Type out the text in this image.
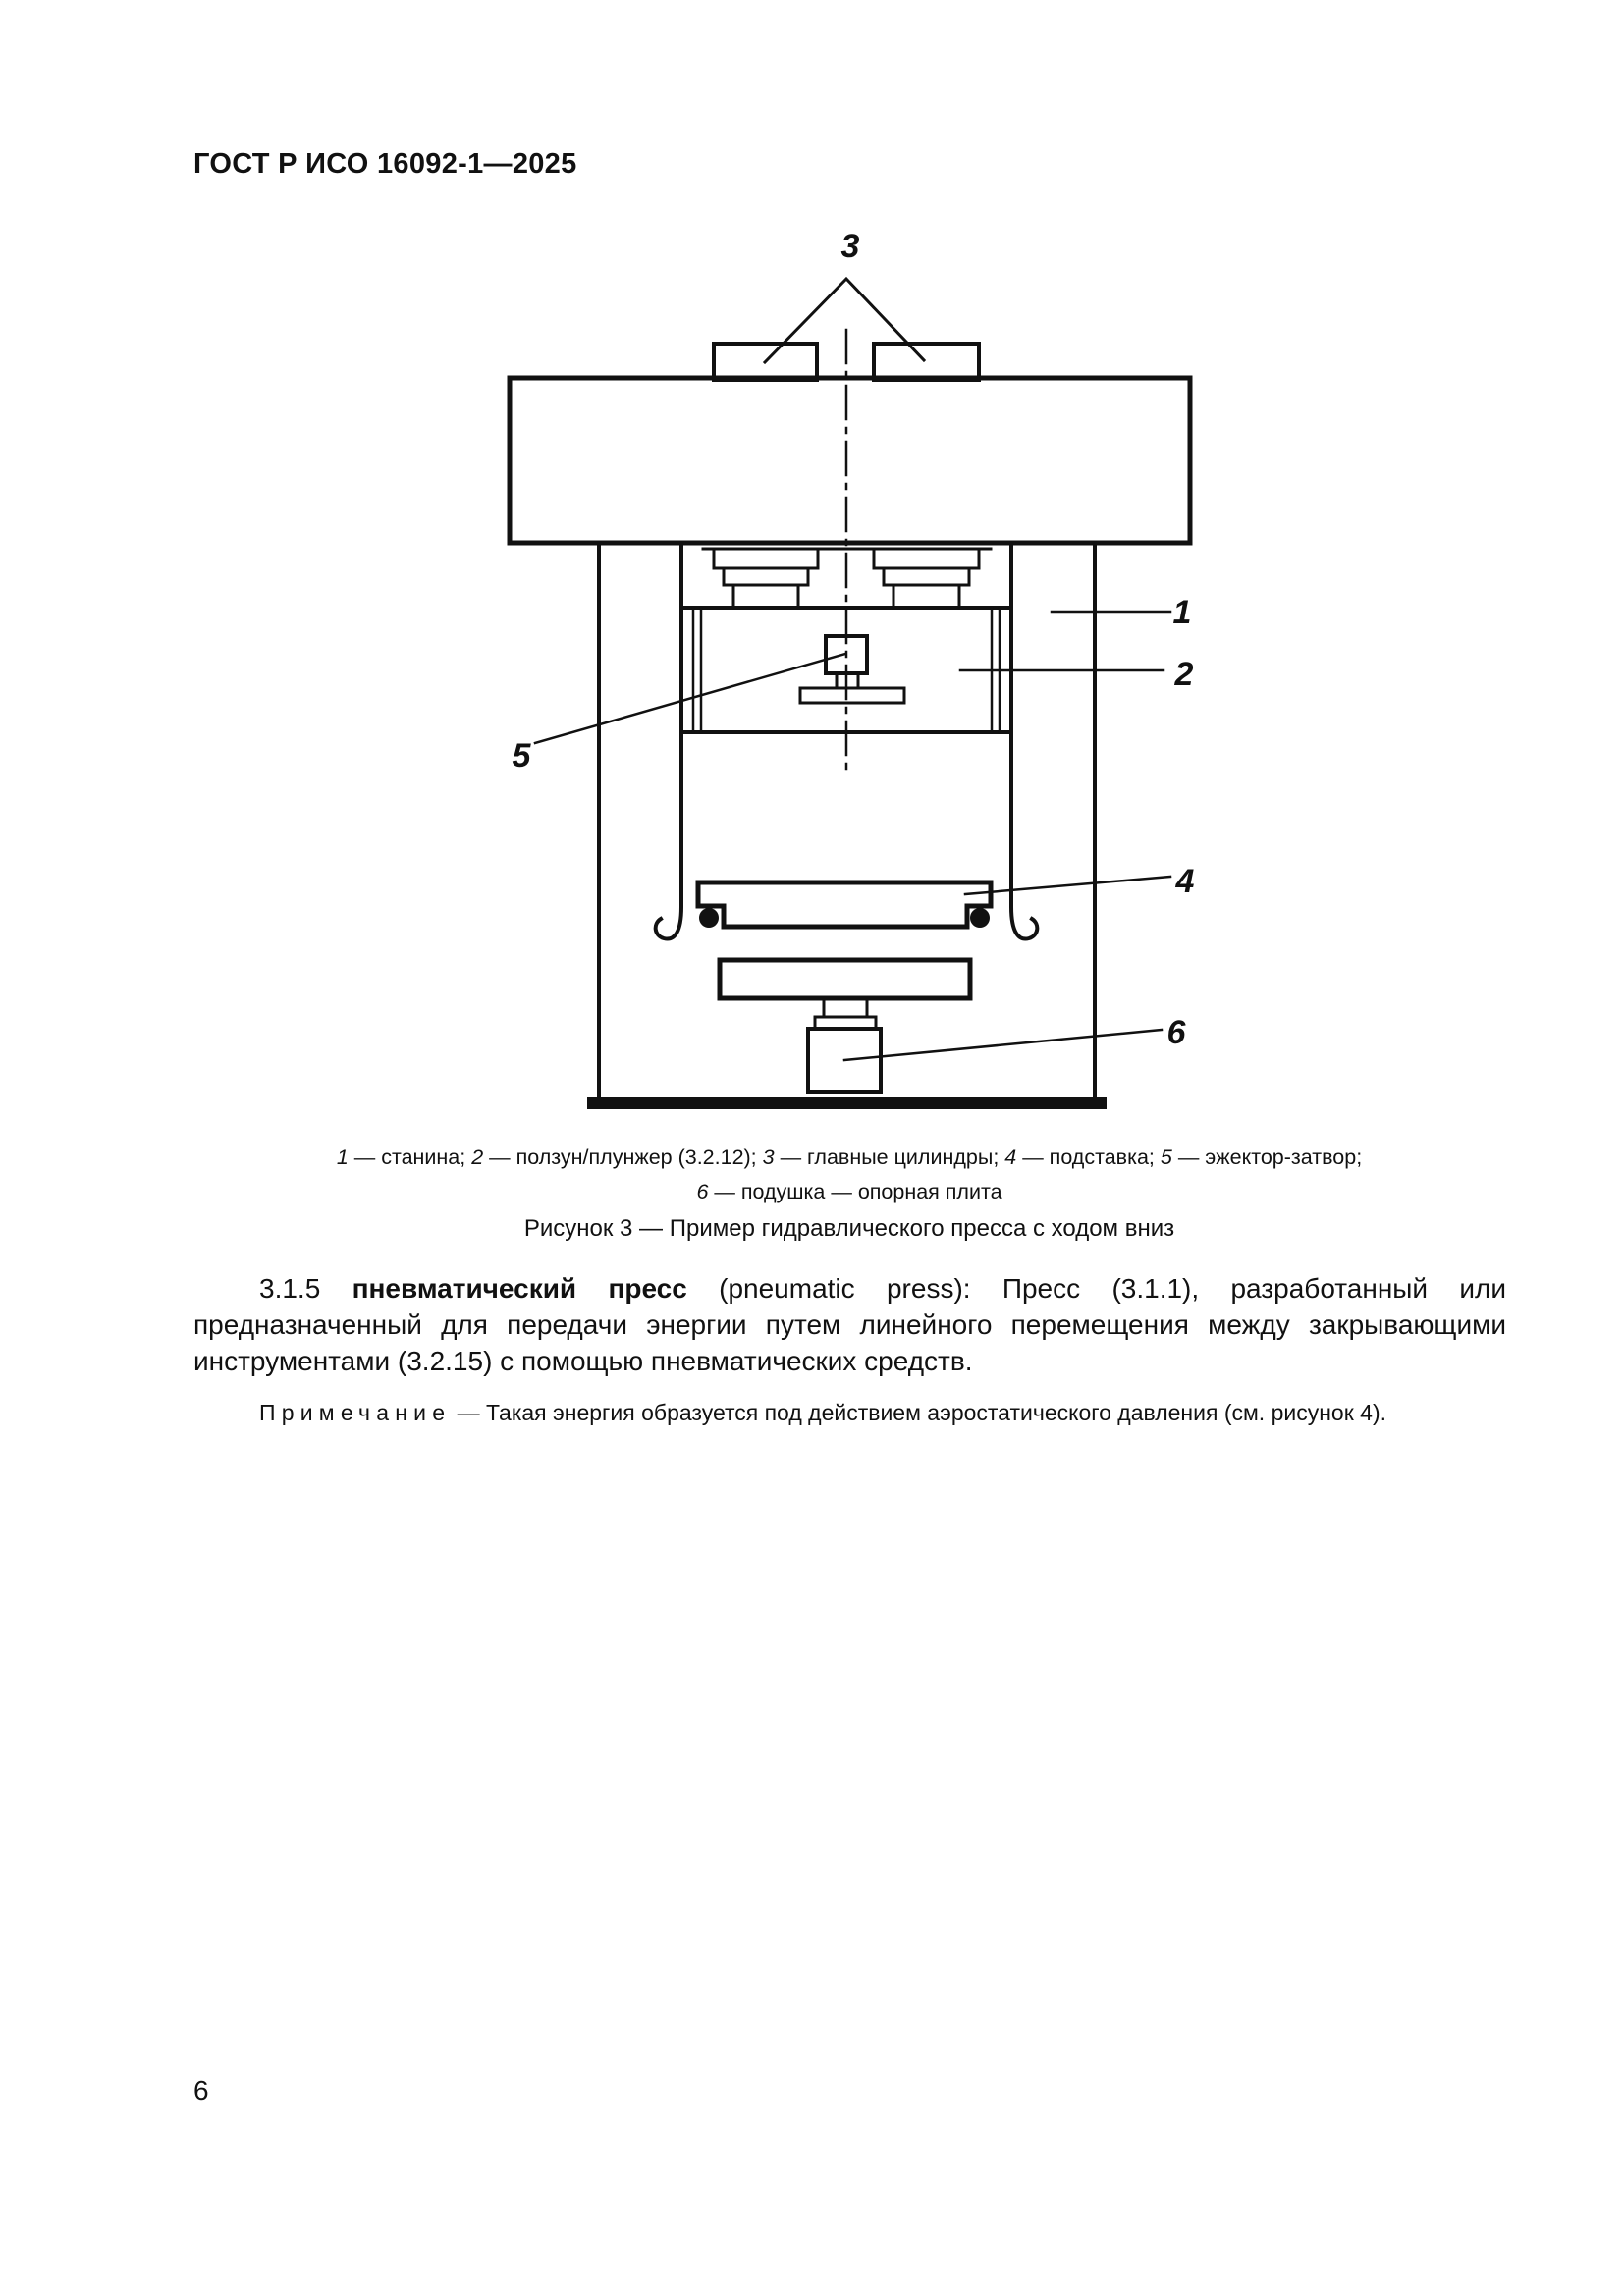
ГОСТ Р ИСО 16092-1—2025
3
1
2
5
4
6
1 — станина; 2 — ползун/плунжер (3.2.12); 3 — главные цилиндры; 4 — подставка; 5 — эжектор-затвор;
6 — подушка — опорная плита
Рисунок 3 — Пример гидравлического пресса с ходом вниз
3.1.5 пневматический пресс (pneumatic press): Пресс (3.1.1), разработанный или предназначенный для передачи энергии путем линейного перемещения между закрывающими инструментами (3.2.15) с помощью пневматических средств.
Примечание — Такая энергия образуется под действием аэростатического давления (см. рисунок 4).
6
